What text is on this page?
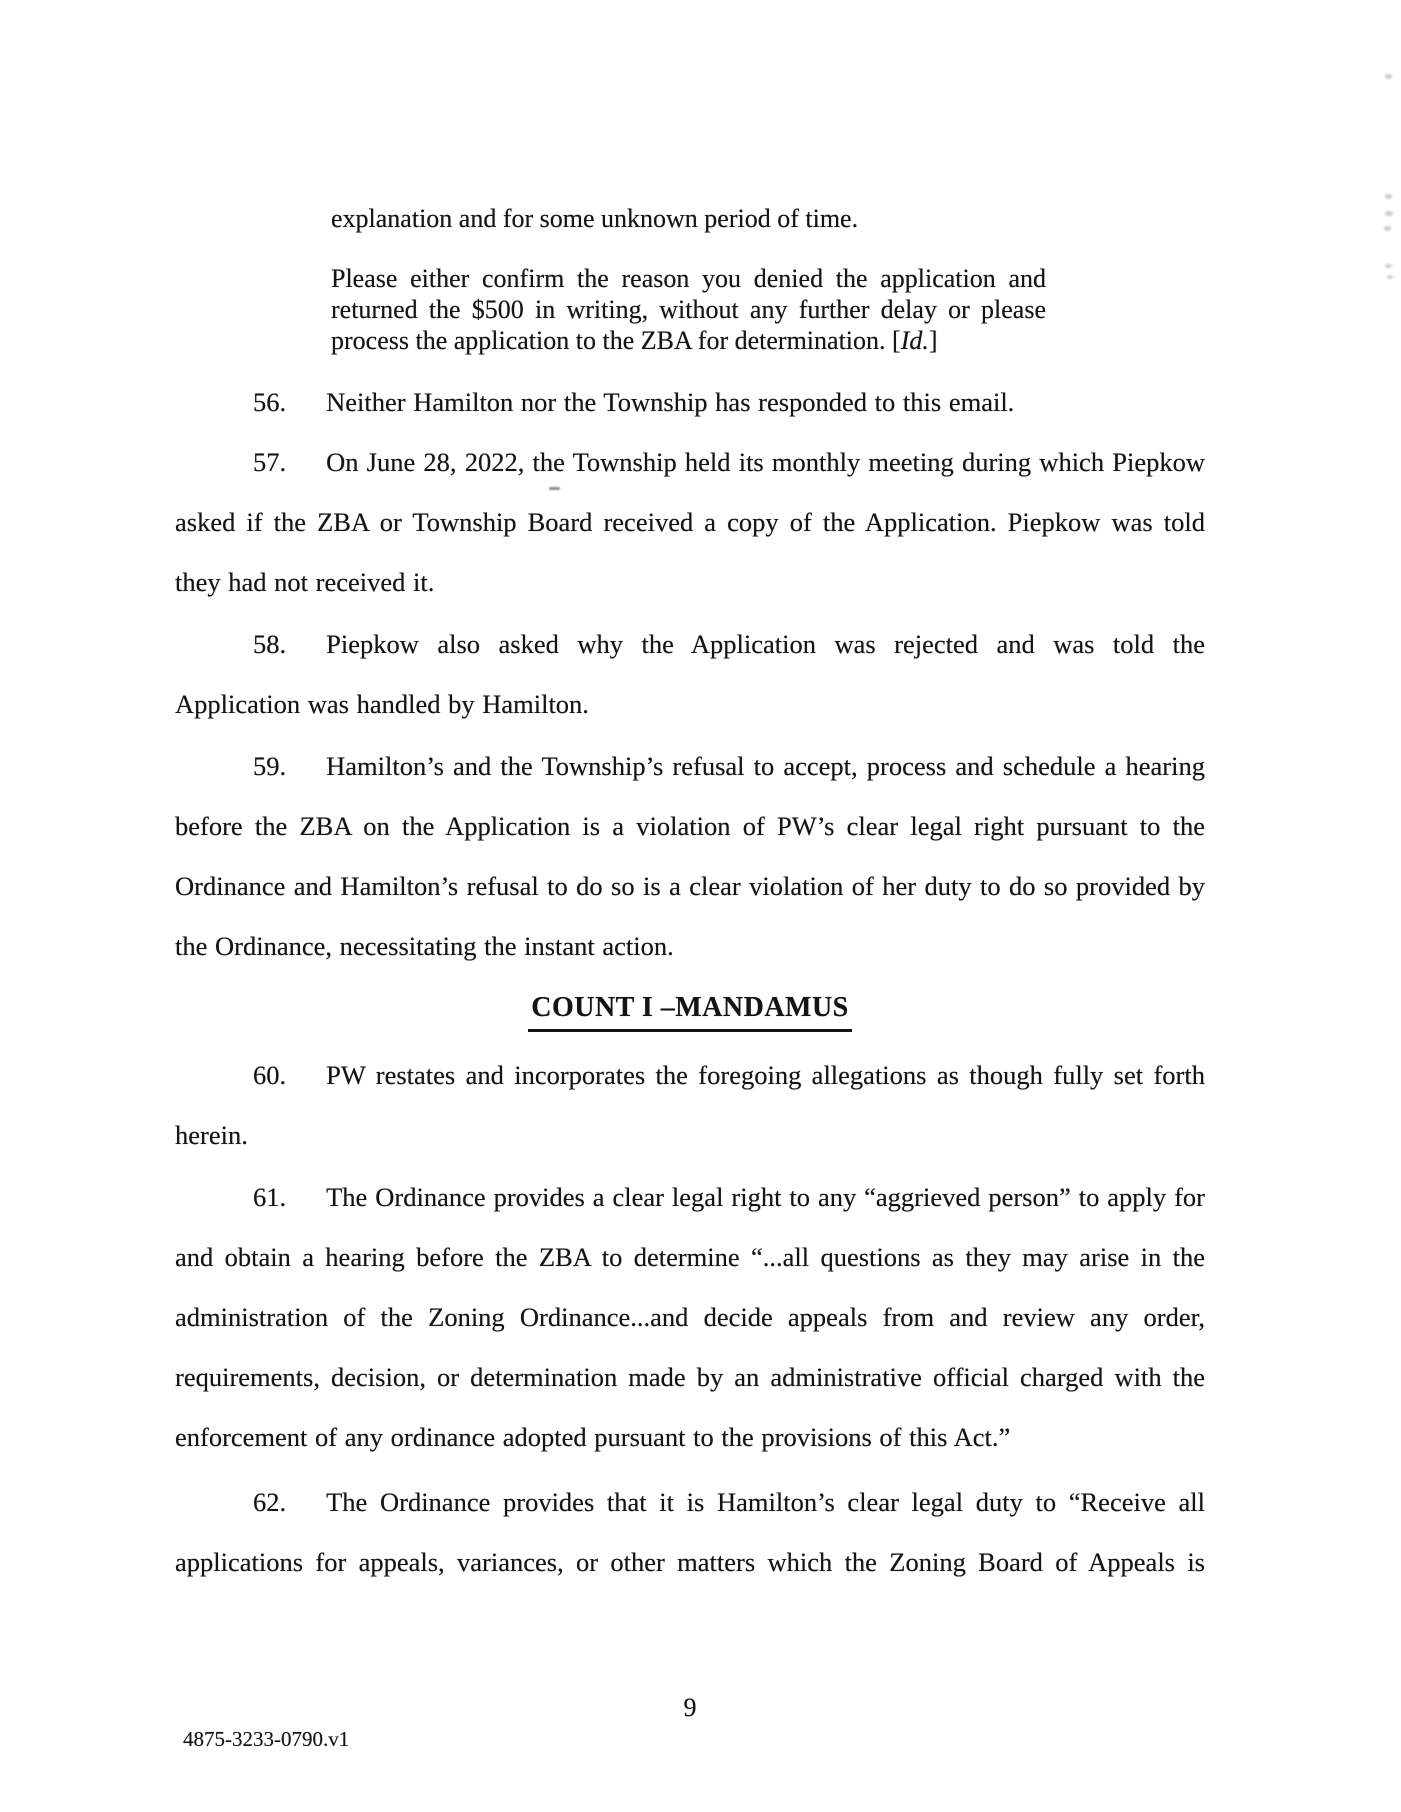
explanation and for some unknown period of time.

Please either confirm the reason you denied the application and returned the $500 in writing, without any further delay or please process the application to the ZBA for determination. [Id.]

56. Neither Hamilton nor the Township has responded to this email.

57. On June 28, 2022, the Township held its monthly meeting during which Piepkow asked if the ZBA or Township Board received a copy of the Application. Piepkow was told they had not received it.

58. Piepkow also asked why the Application was rejected and was told the Application was handled by Hamilton.

59. Hamilton’s and the Township’s refusal to accept, process and schedule a hearing before the ZBA on the Application is a violation of PW’s clear legal right pursuant to the Ordinance and Hamilton’s refusal to do so is a clear violation of her duty to do so provided by the Ordinance, necessitating the instant action.

COUNT I –MANDAMUS

60. PW restates and incorporates the foregoing allegations as though fully set forth herein.

61. The Ordinance provides a clear legal right to any “aggrieved person” to apply for and obtain a hearing before the ZBA to determine “...all questions as they may arise in the administration of the Zoning Ordinance...and decide appeals from and review any order, requirements, decision, or determination made by an administrative official charged with the enforcement of any ordinance adopted pursuant to the provisions of this Act.”

62. The Ordinance provides that it is Hamilton’s clear legal duty to “Receive all applications for appeals, variances, or other matters which the Zoning Board of Appeals is

9
4875-3233-0790.v1
